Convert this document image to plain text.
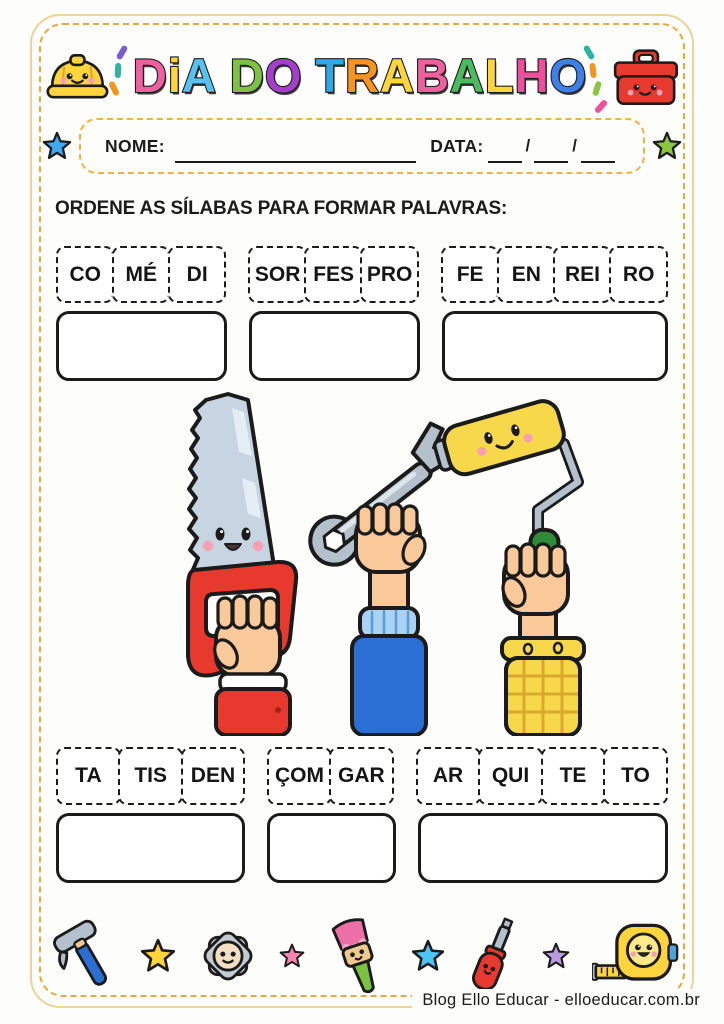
D i A D O T R A B A L H O
NOME:	DATA: / /
ORDENE AS SÍLABAS PARA FORMAR PALAVRAS:
CO	MÉ	DI	SOR FES PRO	FE	EN	REI	RO
TA	TIS	DEN	ÇOM GAR	AR	QUI	TE	TO
Blog Ello Educar - elloeducar.com.br
